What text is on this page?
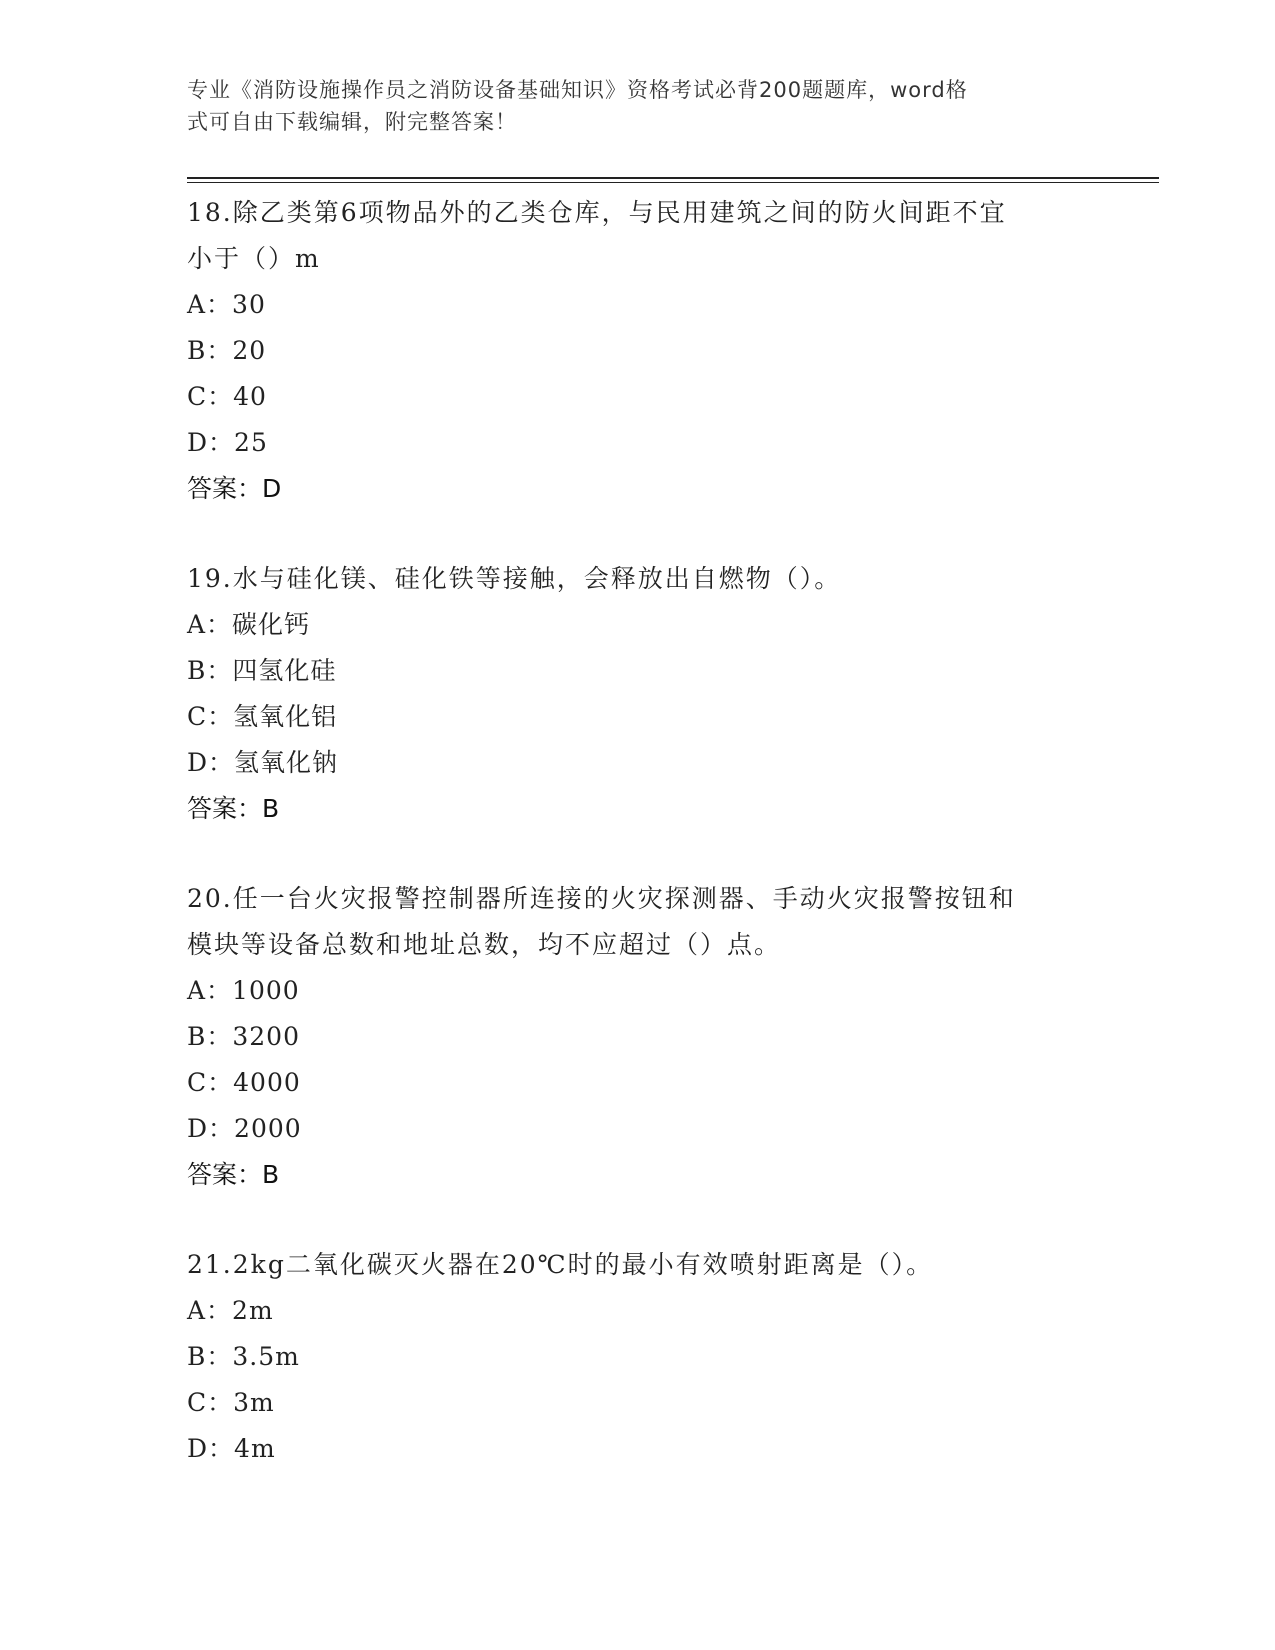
专业《消防设施操作员之消防设备基础知识》资格考试必背200题题库，word格
式可自由下载编辑，附完整答案！

18.除乙类第6项物品外的乙类仓库，与民用建筑之间的防火间距不宜
小于（）m

A：30

B：20

C：40

D：25

答案：D

19.水与硅化镁、硅化铁等接触，会释放出自燃物（）。

A：碳化钙

B：四氢化硅

C：氢氧化铝

D：氢氧化钠

答案：B

20.任一台火灾报警控制器所连接的火灾探测器、手动火灾报警按钮和
模块等设备总数和地址总数，均不应超过（）点。

A：1000

B：3200

C：4000

D：2000

答案：B

21.2kg二氧化碳灭火器在20℃时的最小有效喷射距离是（）。

A：2m

B：3.5m

C：3m

D：4m
